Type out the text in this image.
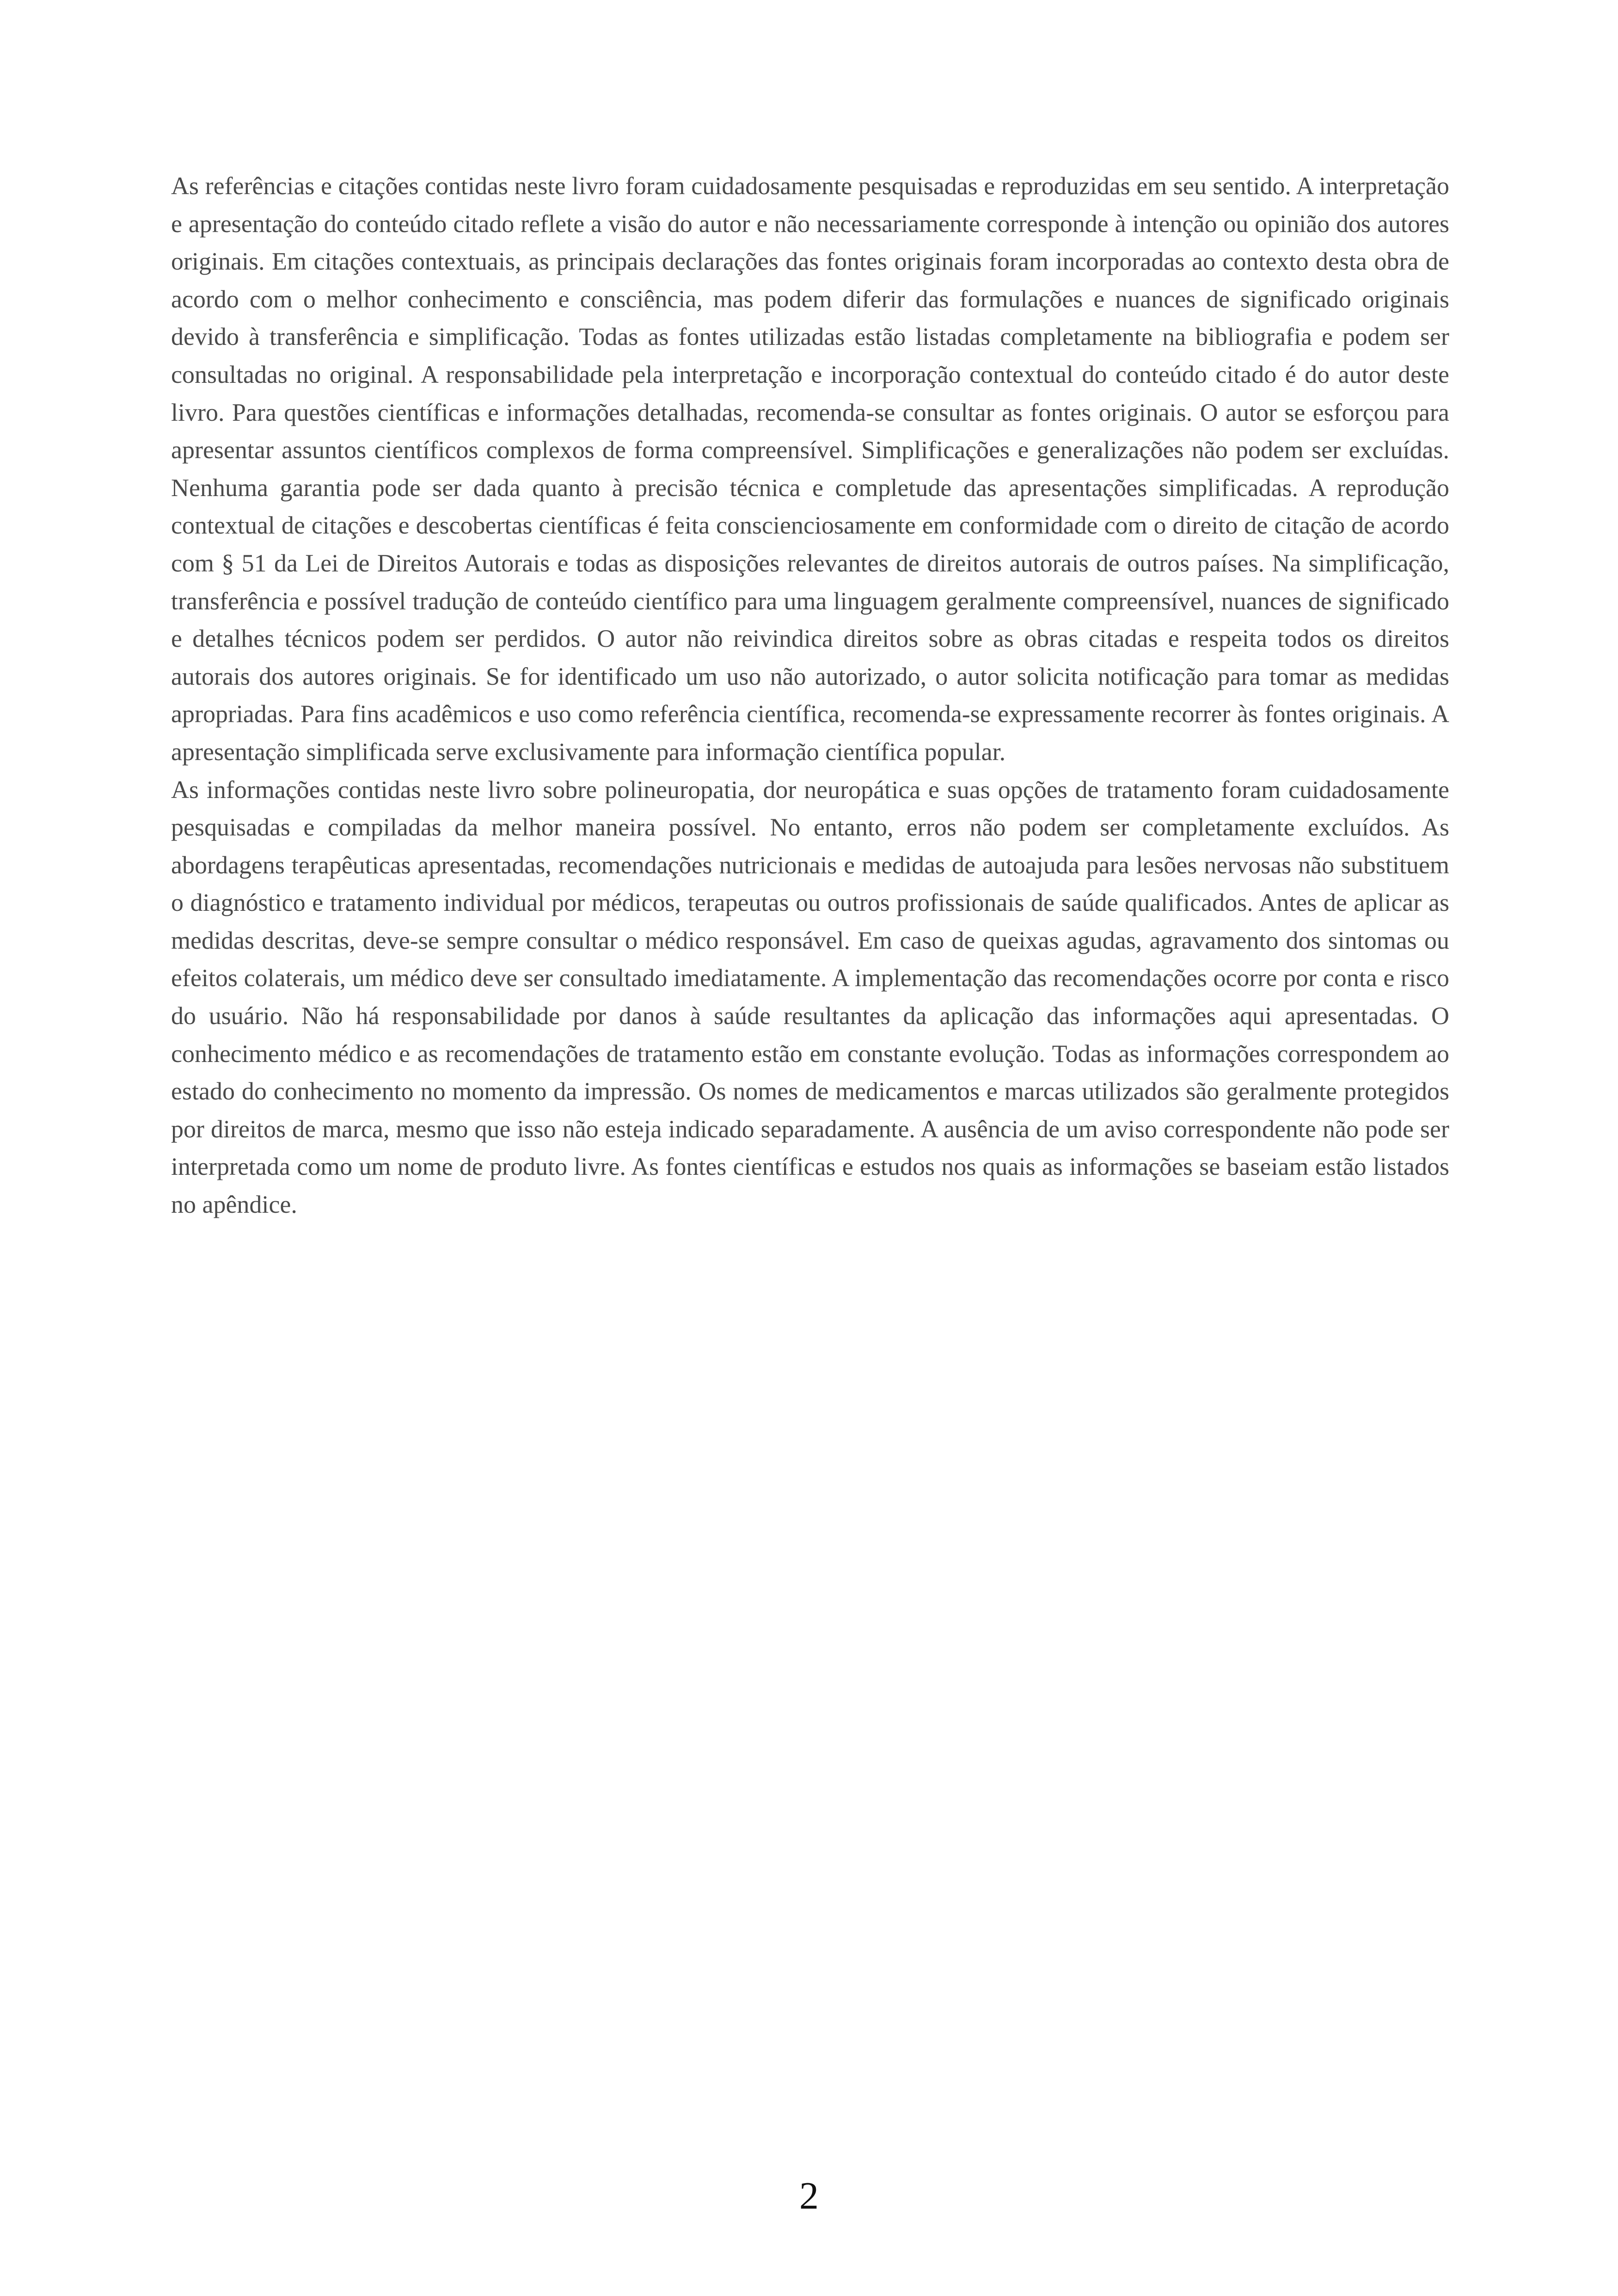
As referências e citações contidas neste livro foram cuidadosamente pesquisadas e reproduzidas em seu sentido. A interpretação e apresentação do conteúdo citado reflete a visão do autor e não necessariamente corresponde à intenção ou opinião dos autores originais. Em citações contextuais, as principais declarações das fontes originais foram incorporadas ao contexto desta obra de acordo com o melhor conhecimento e consciência, mas podem diferir das formulações e nuances de significado originais devido à transferência e simplificação. Todas as fontes utilizadas estão listadas completamente na bibliografia e podem ser consultadas no original. A responsabilidade pela interpretação e incorporação contextual do conteúdo citado é do autor deste livro. Para questões científicas e informações detalhadas, recomenda-se consultar as fontes originais. O autor se esforçou para apresentar assuntos científicos complexos de forma compreensível. Simplificações e generalizações não podem ser excluídas. Nenhuma garantia pode ser dada quanto à precisão técnica e completude das apresentações simplificadas. A reprodução contextual de citações e descobertas científicas é feita conscienciosamente em conformidade com o direito de citação de acordo com § 51 da Lei de Direitos Autorais e todas as disposições relevantes de direitos autorais de outros países. Na simplificação, transferência e possível tradução de conteúdo científico para uma linguagem geralmente compreensível, nuances de significado e detalhes técnicos podem ser perdidos. O autor não reivindica direitos sobre as obras citadas e respeita todos os direitos autorais dos autores originais. Se for identificado um uso não autorizado, o autor solicita notificação para tomar as medidas apropriadas. Para fins acadêmicos e uso como referência científica, recomenda-se expressamente recorrer às fontes originais. A apresentação simplificada serve exclusivamente para informação científica popular.

As informações contidas neste livro sobre polineuropatia, dor neuropática e suas opções de tratamento foram cuidadosamente pesquisadas e compiladas da melhor maneira possível. No entanto, erros não podem ser completamente excluídos. As abordagens terapêuticas apresentadas, recomendações nutricionais e medidas de autoajuda para lesões nervosas não substituem o diagnóstico e tratamento individual por médicos, terapeutas ou outros profissionais de saúde qualificados. Antes de aplicar as medidas descritas, deve-se sempre consultar o médico responsável. Em caso de queixas agudas, agravamento dos sintomas ou efeitos colaterais, um médico deve ser consultado imediatamente. A implementação das recomendações ocorre por conta e risco do usuário. Não há responsabilidade por danos à saúde resultantes da aplicação das informações aqui apresentadas. O conhecimento médico e as recomendações de tratamento estão em constante evolução. Todas as informações correspondem ao estado do conhecimento no momento da impressão. Os nomes de medicamentos e marcas utilizados são geralmente protegidos por direitos de marca, mesmo que isso não esteja indicado separadamente. A ausência de um aviso correspondente não pode ser interpretada como um nome de produto livre. As fontes científicas e estudos nos quais as informações se baseiam estão listados no apêndice.

2
